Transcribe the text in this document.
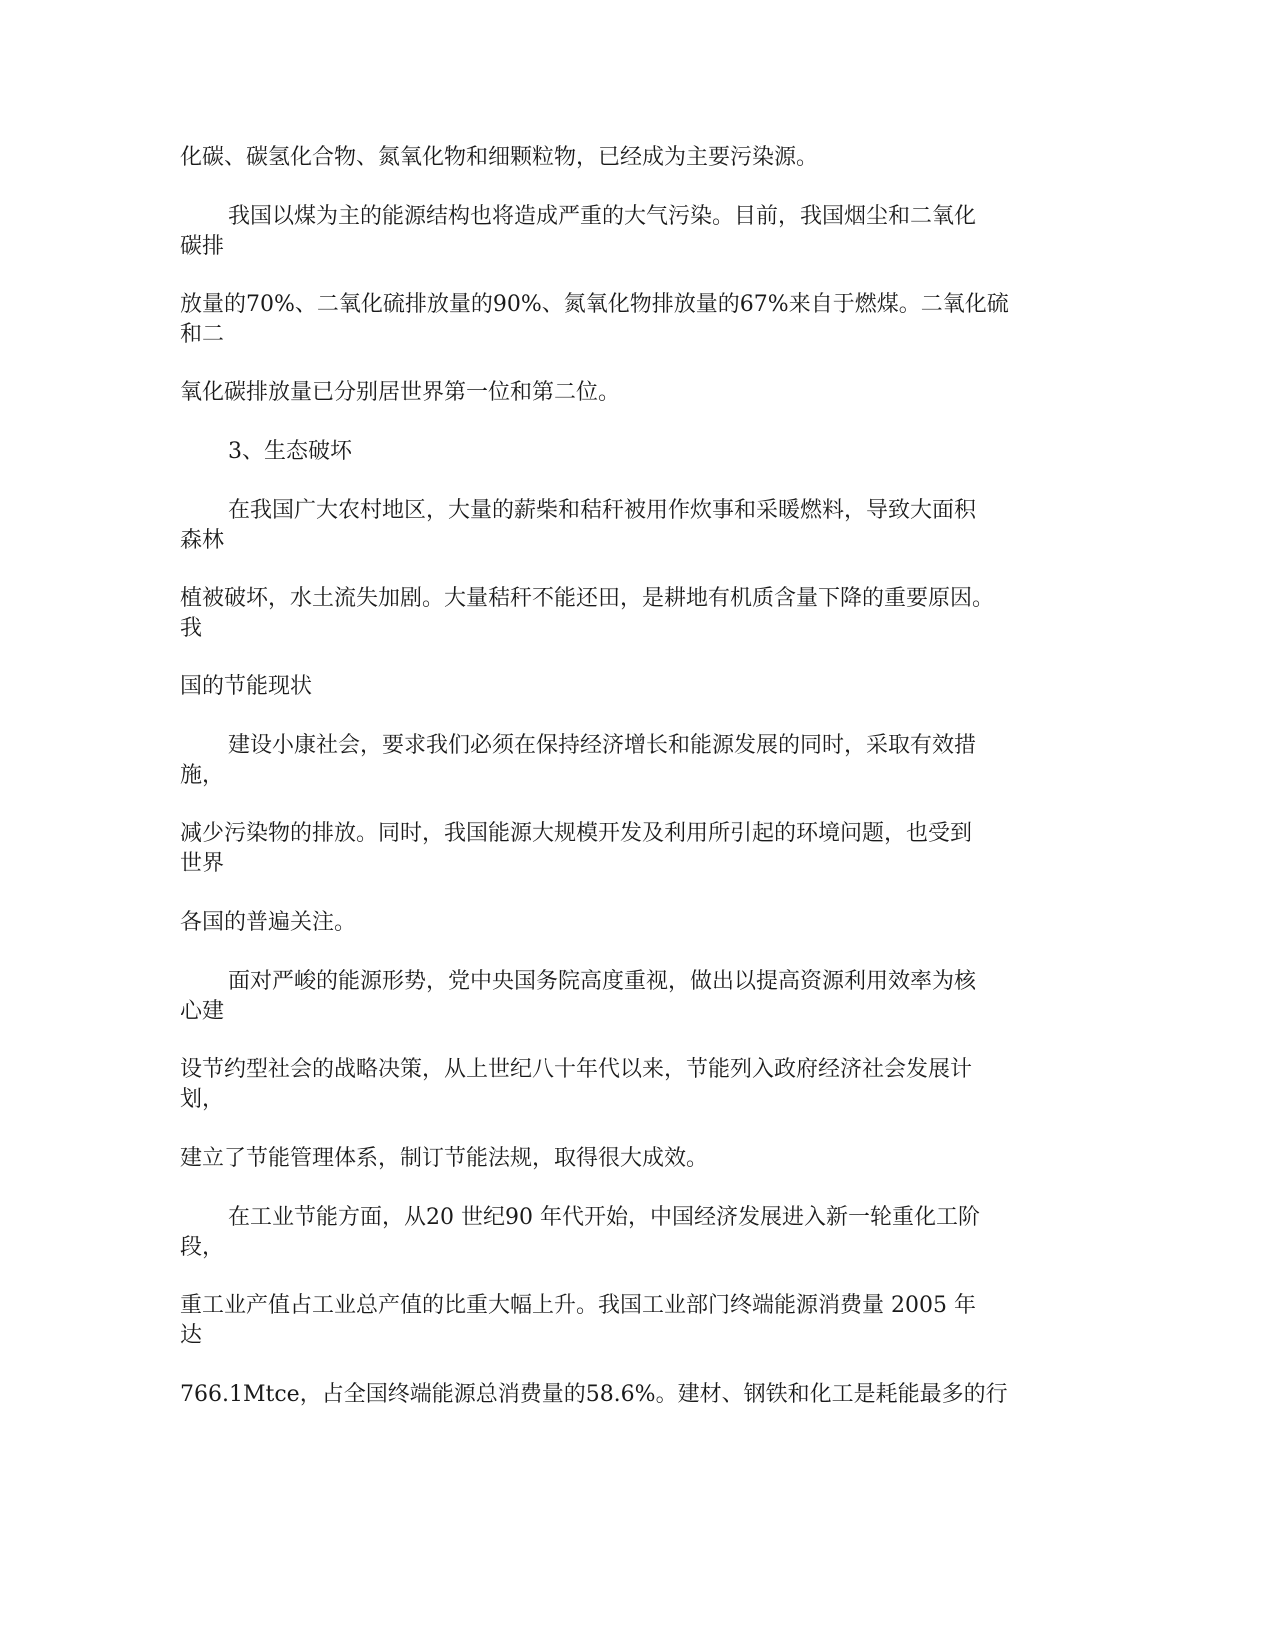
化碳、碳氢化合物、氮氧化物和细颗粒物，已经成为主要污染源。

我国以煤为主的能源结构也将造成严重的大气污染。目前，我国烟尘和二氧化

碳排

放量的70%、二氧化硫排放量的90%、氮氧化物排放量的67%来自于燃煤。二氧化硫

和二

氧化碳排放量已分别居世界第一位和第二位。

3、生态破坏

在我国广大农村地区，大量的薪柴和秸秆被用作炊事和采暖燃料，导致大面积

森林

植被破坏，水土流失加剧。大量秸秆不能还田，是耕地有机质含量下降的重要原因。

我

国的节能现状

建设小康社会，要求我们必须在保持经济增长和能源发展的同时，采取有效措

施，

减少污染物的排放。同时，我国能源大规模开发及利用所引起的环境问题，也受到

世界

各国的普遍关注。

面对严峻的能源形势，党中央国务院高度重视，做出以提高资源利用效率为核

心建

设节约型社会的战略决策，从上世纪八十年代以来，节能列入政府经济社会发展计

划，

建立了节能管理体系，制订节能法规，取得很大成效。

在工业节能方面，从20 世纪90 年代开始，中国经济发展进入新一轮重化工阶

段，

重工业产值占工业总产值的比重大幅上升。我国工业部门终端能源消费量 2005 年

达

766.1Mtce，占全国终端能源总消费量的58.6%。建材、钢铁和化工是耗能最多的行
